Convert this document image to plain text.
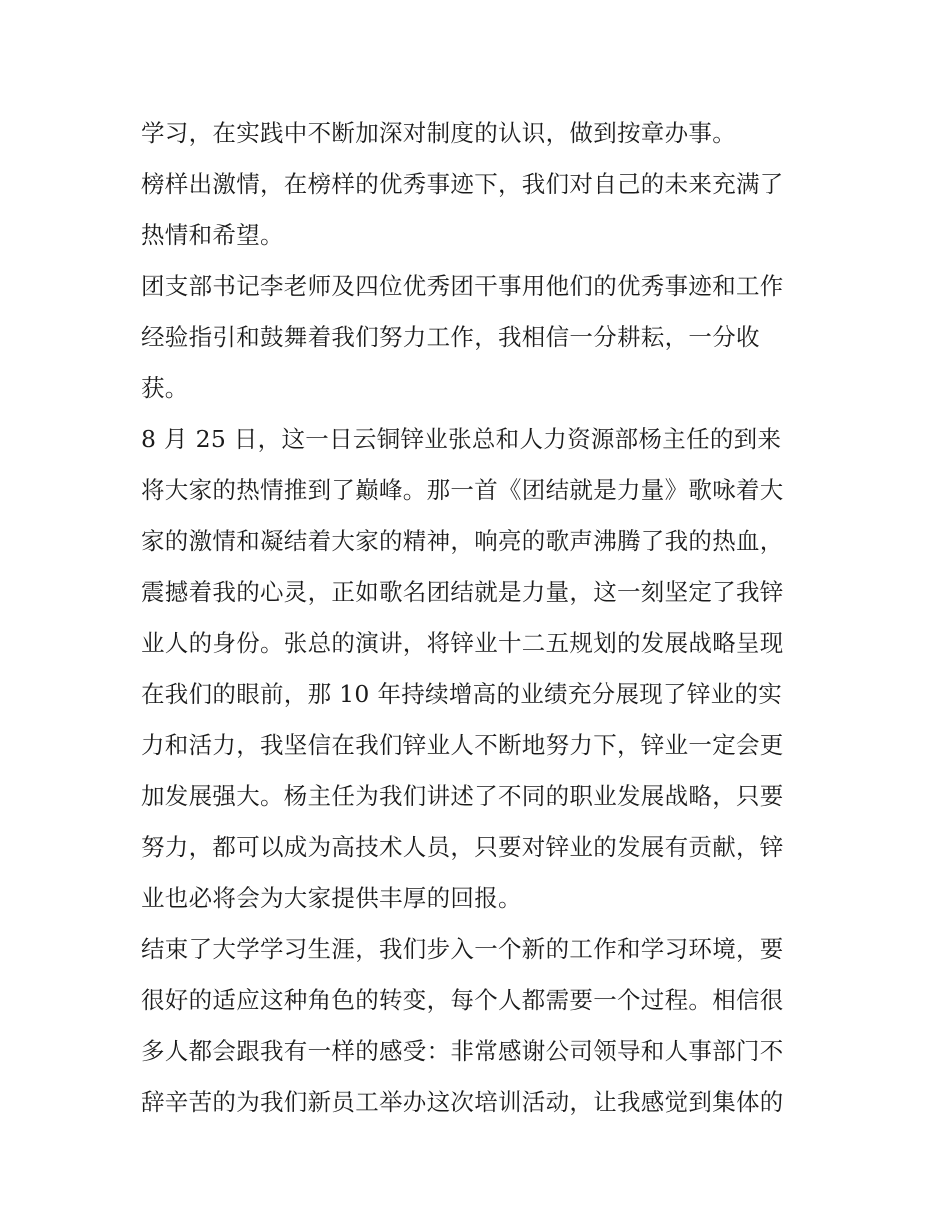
学习，在实践中不断加深对制度的认识，做到按章办事。
榜样出激情，在榜样的优秀事迹下，我们对自己的未来充满了
热情和希望。
团支部书记李老师及四位优秀团干事用他们的优秀事迹和工作
经验指引和鼓舞着我们努力工作，我相信一分耕耘，一分收
获。
8 月 25 日，这一日云铜锌业张总和人力资源部杨主任的到来
将大家的热情推到了巅峰。那一首《团结就是力量》歌咏着大
家的激情和凝结着大家的精神，响亮的歌声沸腾了我的热血，
震撼着我的心灵，正如歌名团结就是力量，这一刻坚定了我锌
业人的身份。张总的演讲，将锌业十二五规划的发展战略呈现
在我们的眼前，那 10 年持续增高的业绩充分展现了锌业的实
力和活力，我坚信在我们锌业人不断地努力下，锌业一定会更
加发展强大。杨主任为我们讲述了不同的职业发展战略，只要
努力，都可以成为高技术人员，只要对锌业的发展有贡献，锌
业也必将会为大家提供丰厚的回报。
结束了大学学习生涯，我们步入一个新的工作和学习环境，要
很好的适应这种角色的转变，每个人都需要一个过程。相信很
多人都会跟我有一样的感受：非常感谢公司领导和人事部门不
辞辛苦的为我们新员工举办这次培训活动，让我感觉到集体的
